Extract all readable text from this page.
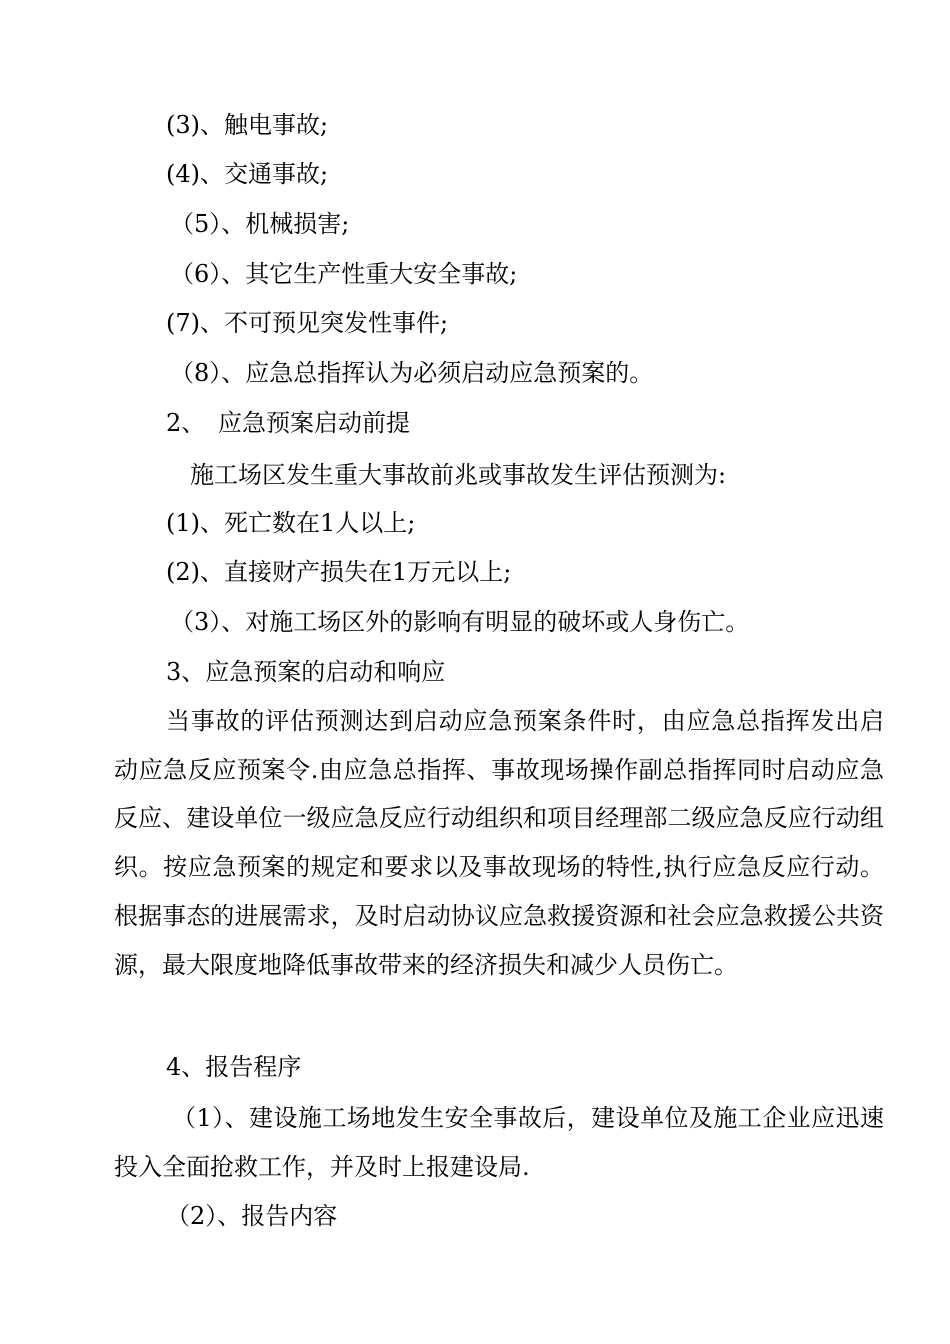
(3)、触电事故;
(4)、交通事故;
（5）、机械损害;
（6）、其它生产性重大安全事故;
(7)、不可预见突发性事件;
（8）、应急总指挥认为必须启动应急预案的。
2、 应急预案启动前提
施工场区发生重大事故前兆或事故发生评估预测为:
(1)、死亡数在1人以上;
(2)、直接财产损失在1万元以上;
（3）、对施工场区外的影响有明显的破坏或人身伤亡。
3、应急预案的启动和响应

当事故的评估预测达到启动应急预案条件时，由应急总指挥发出启动应急反应预案令.由应急总指挥、事故现场操作副总指挥同时启动应急反应、建设单位一级应急反应行动组织和项目经理部二级应急反应行动组织。按应急预案的规定和要求以及事故现场的特性,执行应急反应行动。根据事态的进展需求，及时启动协议应急救援资源和社会应急救援公共资源，最大限度地降低事故带来的经济损失和减少人员伤亡。

4、报告程序

（1）、建设施工场地发生安全事故后，建设单位及施工企业应迅速投入全面抢救工作，并及时上报建设局.

（2）、报告内容
